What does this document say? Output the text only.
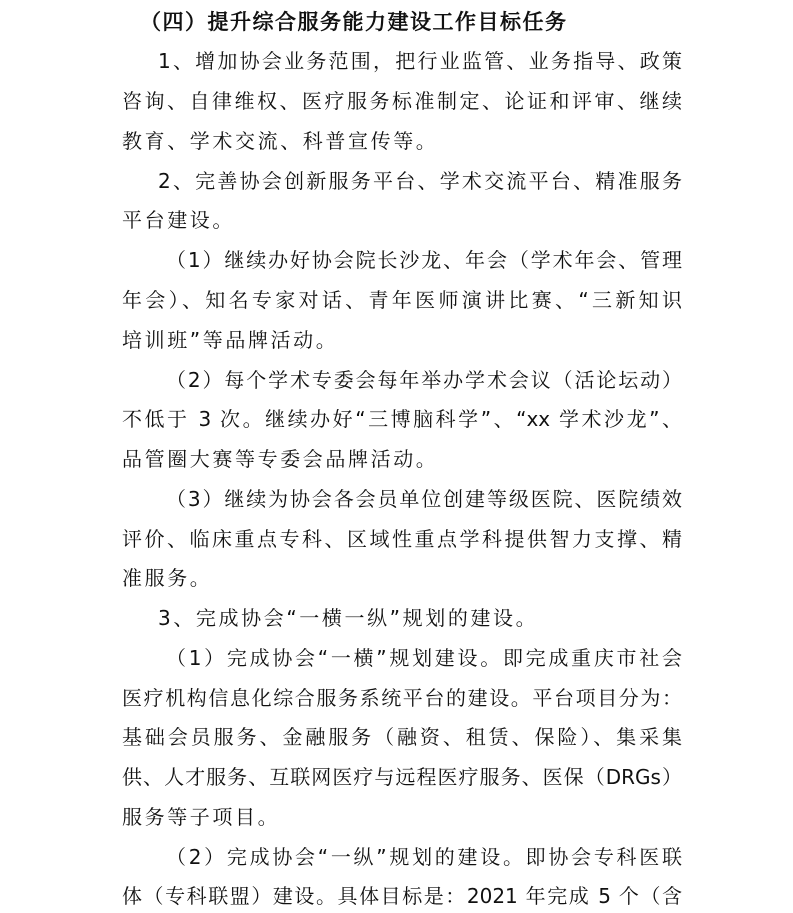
（四）提升综合服务能力建设工作目标任务
1、增加协会业务范围，把行业监管、业务指导、政策
咨询、自律维权、医疗服务标准制定、论证和评审、继续
教育、学术交流、科普宣传等。
2、完善协会创新服务平台、学术交流平台、精准服务
平台建设。
（1）继续办好协会院长沙龙、年会（学术年会、管理
年会）、知名专家对话、青年医师演讲比赛、“三新知识
培训班”等品牌活动。
（2）每个学术专委会每年举办学术会议（活论坛动）
不低于 3 次。继续办好“三博脑科学”、“xx 学术沙龙”、
品管圈大赛等专委会品牌活动。
（3）继续为协会各会员单位创建等级医院、医院绩效
评价、临床重点专科、区域性重点学科提供智力支撑、精
准服务。
3、完成协会“一横一纵”规划的建设。
（1）完成协会“一横”规划建设。即完成重庆市社会
医疗机构信息化综合服务系统平台的建设。平台项目分为：
基础会员服务、金融服务（融资、租赁、保险）、集采集
供、人才服务、互联网医疗与远程医疗服务、医保（DRGs）
服务等子项目。
（2）完成协会“一纵”规划的建设。即协会专科医联
体（专科联盟）建设。具体目标是：2021 年完成 5 个（含
